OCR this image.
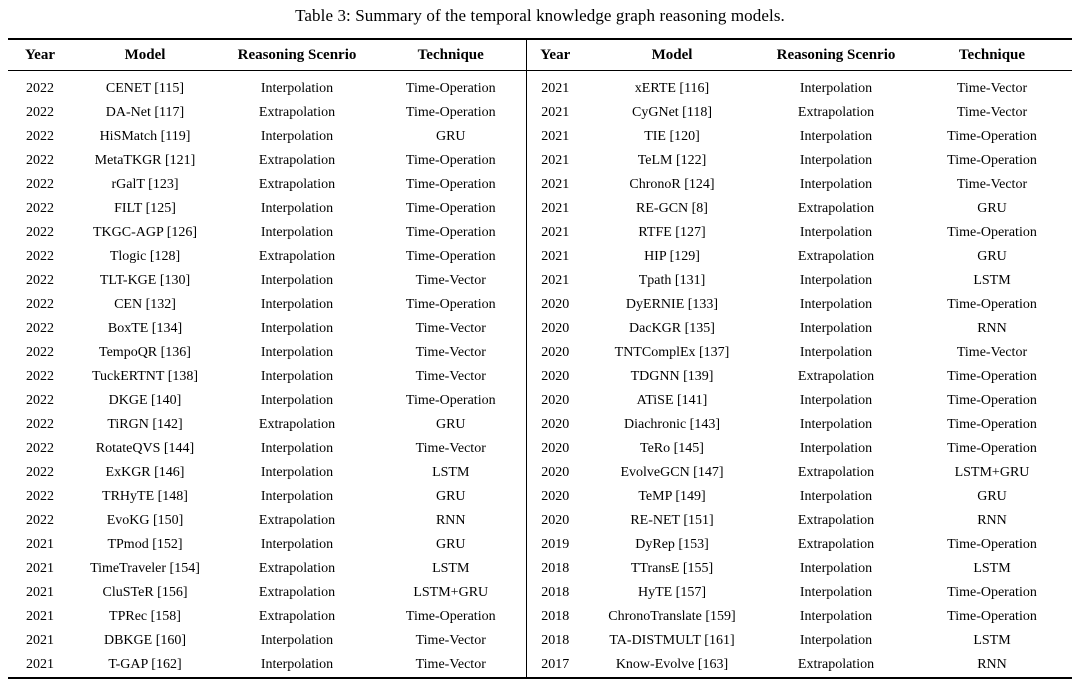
Table 3: Summary of the temporal knowledge graph reasoning models.
Year	Model	Reasoning Scenrio	Technique	Year	Model	Reasoning Scenrio	Technique
2022	CENET [115]	Interpolation	Time-Operation	2021	xERTE [116]	Interpolation	Time-Vector
2022	DA-Net [117]	Extrapolation	Time-Operation	2021	CyGNet [118]	Extrapolation	Time-Vector
2022	HiSMatch [119]	Interpolation	GRU	2021	TIE [120]	Interpolation	Time-Operation
2022	MetaTKGR [121]	Extrapolation	Time-Operation	2021	TeLM [122]	Interpolation	Time-Operation
2022	rGalT [123]	Extrapolation	Time-Operation	2021	ChronoR [124]	Interpolation	Time-Vector
2022	FILT [125]	Interpolation	Time-Operation	2021	RE-GCN [8]	Extrapolation	GRU
2022	TKGC-AGP [126]	Interpolation	Time-Operation	2021	RTFE [127]	Interpolation	Time-Operation
2022	Tlogic [128]	Extrapolation	Time-Operation	2021	HIP [129]	Extrapolation	GRU
2022	TLT-KGE [130]	Interpolation	Time-Vector	2021	Tpath [131]	Interpolation	LSTM
2022	CEN [132]	Interpolation	Time-Operation	2020	DyERNIE [133]	Interpolation	Time-Operation
2022	BoxTE [134]	Interpolation	Time-Vector	2020	DacKGR [135]	Interpolation	RNN
2022	TempoQR [136]	Interpolation	Time-Vector	2020	TNTComplEx [137]	Interpolation	Time-Vector
2022	TuckERTNT [138]	Interpolation	Time-Vector	2020	TDGNN [139]	Extrapolation	Time-Operation
2022	DKGE [140]	Interpolation	Time-Operation	2020	ATiSE [141]	Interpolation	Time-Operation
2022	TiRGN [142]	Extrapolation	GRU	2020	Diachronic [143]	Interpolation	Time-Operation
2022	RotateQVS [144]	Interpolation	Time-Vector	2020	TeRo [145]	Interpolation	Time-Operation
2022	ExKGR [146]	Interpolation	LSTM	2020	EvolveGCN [147]	Extrapolation	LSTM+GRU
2022	TRHyTE [148]	Interpolation	GRU	2020	TeMP [149]	Interpolation	GRU
2022	EvoKG [150]	Extrapolation	RNN	2020	RE-NET [151]	Extrapolation	RNN
2021	TPmod [152]	Interpolation	GRU	2019	DyRep [153]	Extrapolation	Time-Operation
2021	TimeTraveler [154]	Extrapolation	LSTM	2018	TTransE [155]	Interpolation	LSTM
2021	CluSTeR [156]	Extrapolation	LSTM+GRU	2018	HyTE [157]	Interpolation	Time-Operation
2021	TPRec [158]	Extrapolation	Time-Operation	2018	ChronoTranslate [159]	Interpolation	Time-Operation
2021	DBKGE [160]	Interpolation	Time-Vector	2018	TA-DISTMULT [161]	Interpolation	LSTM
2021	T-GAP [162]	Interpolation	Time-Vector	2017	Know-Evolve [163]	Extrapolation	RNN
